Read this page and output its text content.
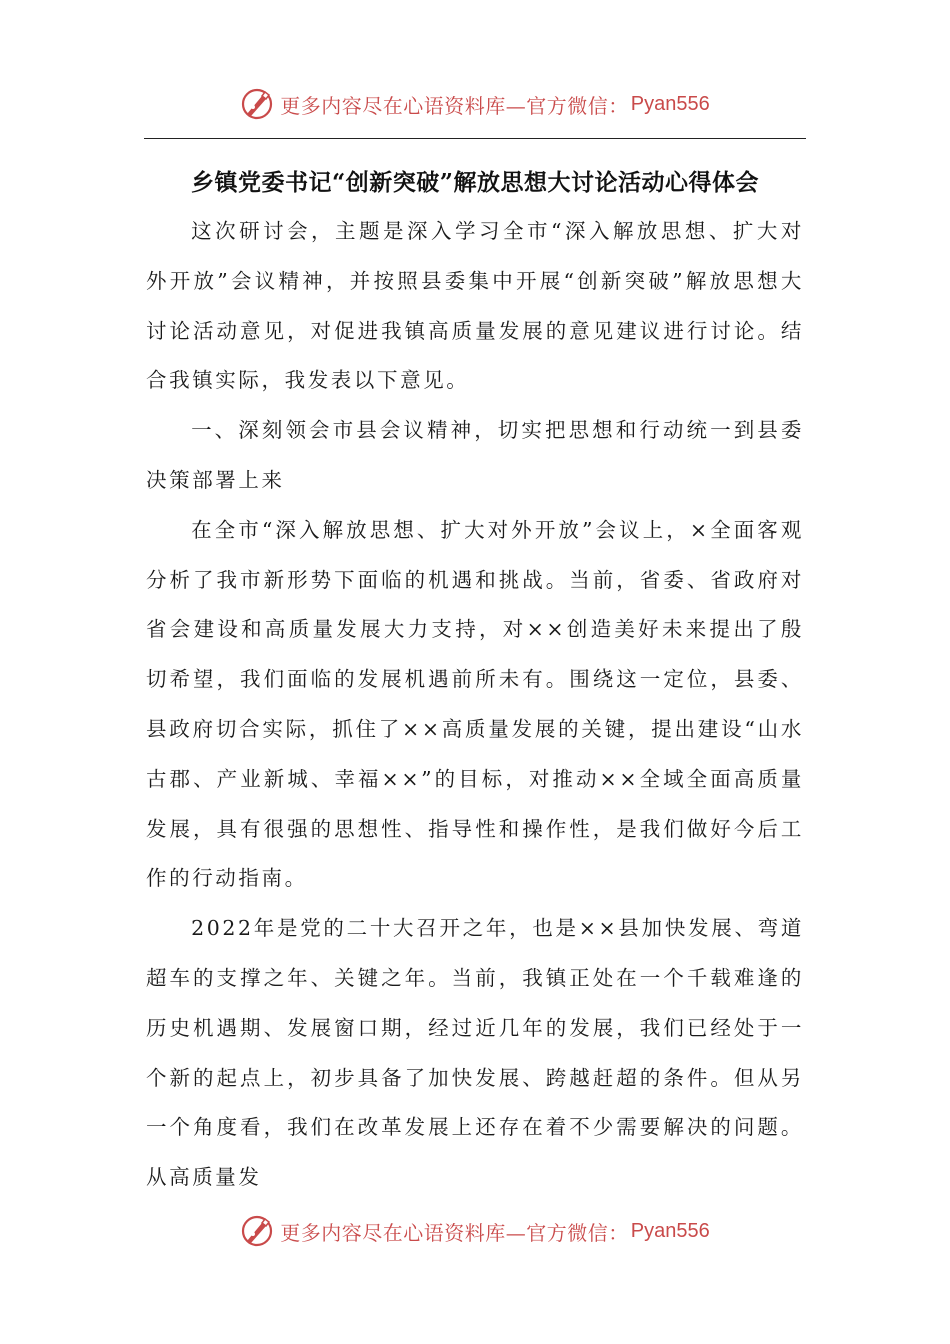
更多内容尽在心语资料库—官方微信： Pyan556
乡镇党委书记“创新突破”解放思想大讨论活动心得体会

这次研讨会，主题是深入学习全市“深入解放思想、扩大对外开放”会议精神，并按照县委集中开展“创新突破”解放思想大讨论活动意见，对促进我镇高质量发展的意见建议进行讨论。结合我镇实际，我发表以下意见。

一、深刻领会市县会议精神，切实把思想和行动统一到县委决策部署上来

在全市“深入解放思想、扩大对外开放”会议上，×全面客观分析了我市新形势下面临的机遇和挑战。当前，省委、省政府对省会建设和高质量发展大力支持，对××创造美好未来提出了殷切希望，我们面临的发展机遇前所未有。围绕这一定位，县委、县政府切合实际，抓住了××高质量发展的关键，提出建设“山水古郡、产业新城、幸福××”的目标，对推动××全域全面高质量发展，具有很强的思想性、指导性和操作性，是我们做好今后工作的行动指南。

2022年是党的二十大召开之年，也是××县加快发展、弯道超车的支撑之年、关键之年。当前，我镇正处在一个千载难逢的历史机遇期、发展窗口期，经过近几年的发展，我们已经处于一个新的起点上，初步具备了加快发展、跨越赶超的条件。但从另一个角度看，我们在改革发展上还存在着不少需要解决的问题。从高质量发

更多内容尽在心语资料库—官方微信： Pyan556
